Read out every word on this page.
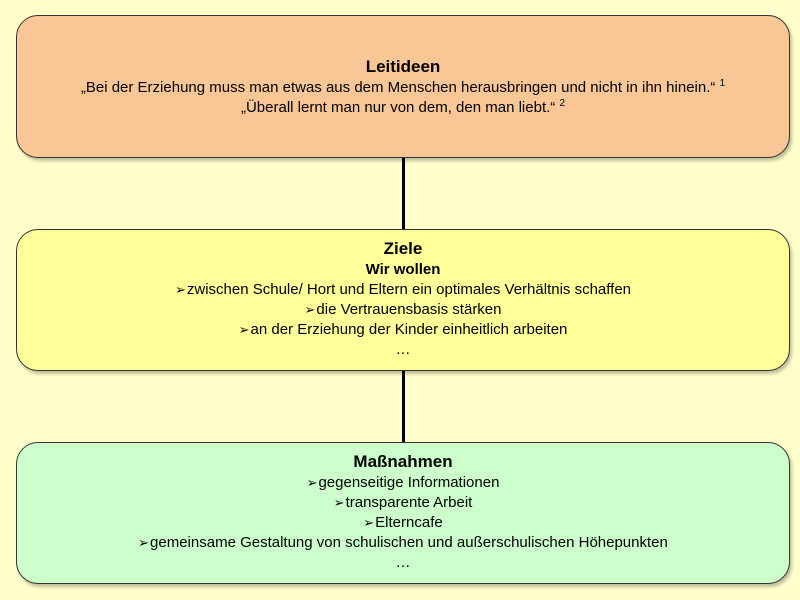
Leitideen
„Bei der Erziehung muss man etwas aus dem Menschen herausbringen und nicht in ihn hinein.“ $^1$
„Überall lernt man nur von dem, den man liebt.“ $^2$
Ziele
Wir wollen
➢zwischen Schule/ Hort und Eltern ein optimales Verhältnis schaffen
➢die Vertrauensbasis stärken
➢an der Erziehung der Kinder einheitlich arbeiten
…
Maßnahmen
➢gegenseitige Informationen
➢transparente Arbeit
➢Elterncafe
➢gemeinsame Gestaltung von schulischen und außerschulischen Höhepunkten
…
